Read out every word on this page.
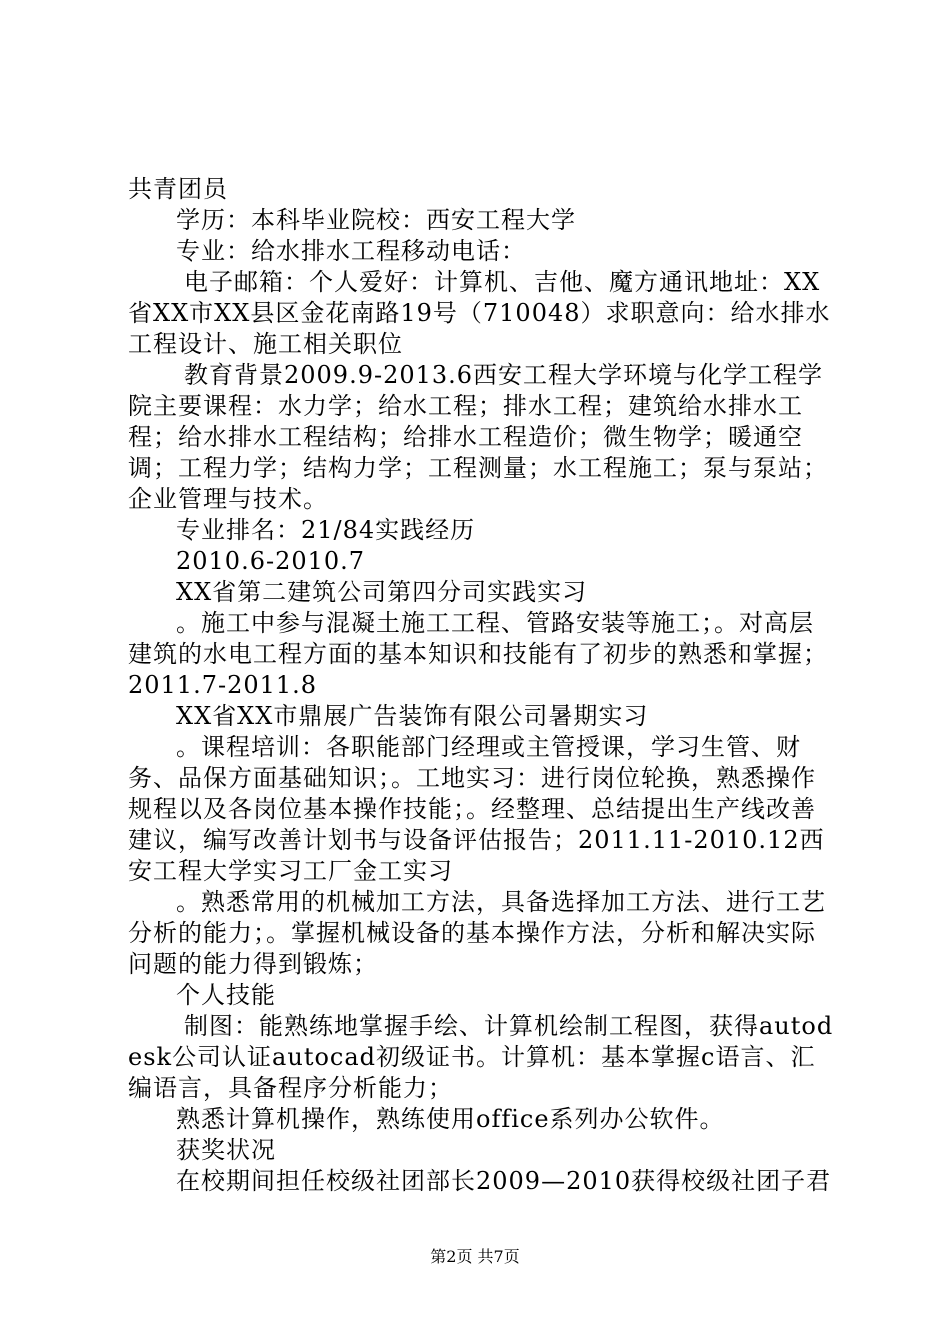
共青团员

学历：本科毕业院校：西安工程大学

专业：给水排水工程移动电话：

电子邮箱：个人爱好：计算机、吉他、魔方通讯地址：XX省XX市XX县区金花南路19号（710048）求职意向：给水排水工程设计、施工相关职位

教育背景2009.9-2013.6西安工程大学环境与化学工程学院主要课程：水力学；给水工程；排水工程；建筑给水排水工程；给水排水工程结构；给排水工程造价；微生物学；暖通空调；工程力学；结构力学；工程测量；水工程施工；泵与泵站；企业管理与技术。

专业排名：21/84实践经历

2010.6-2010.7

XX省第二建筑公司第四分司实践实习

。施工中参与混凝土施工工程、管路安装等施工；。对高层建筑的水电工程方面的基本知识和技能有了初步的熟悉和掌握；2011.7-2011.8

XX省XX市鼎展广告装饰有限公司暑期实习

。课程培训：各职能部门经理或主管授课，学习生管、财务、品保方面基础知识；。工地实习：进行岗位轮换，熟悉操作规程以及各岗位基本操作技能；。经整理、总结提出生产线改善建议，编写改善计划书与设备评估报告；2011.11-2010.12西安工程大学实习工厂金工实习

。熟悉常用的机械加工方法，具备选择加工方法、进行工艺分析的能力；。掌握机械设备的基本操作方法，分析和解决实际问题的能力得到锻炼；

个人技能

制图：能熟练地掌握手绘、计算机绘制工程图，获得autodesk公司认证autocad初级证书。计算机：基本掌握c语言、汇编语言，具备程序分析能力；

熟悉计算机操作，熟练使用office系列办公软件。

获奖状况

在校期间担任校级社团部长2009—2010获得校级社团子君

第2页 共7页
